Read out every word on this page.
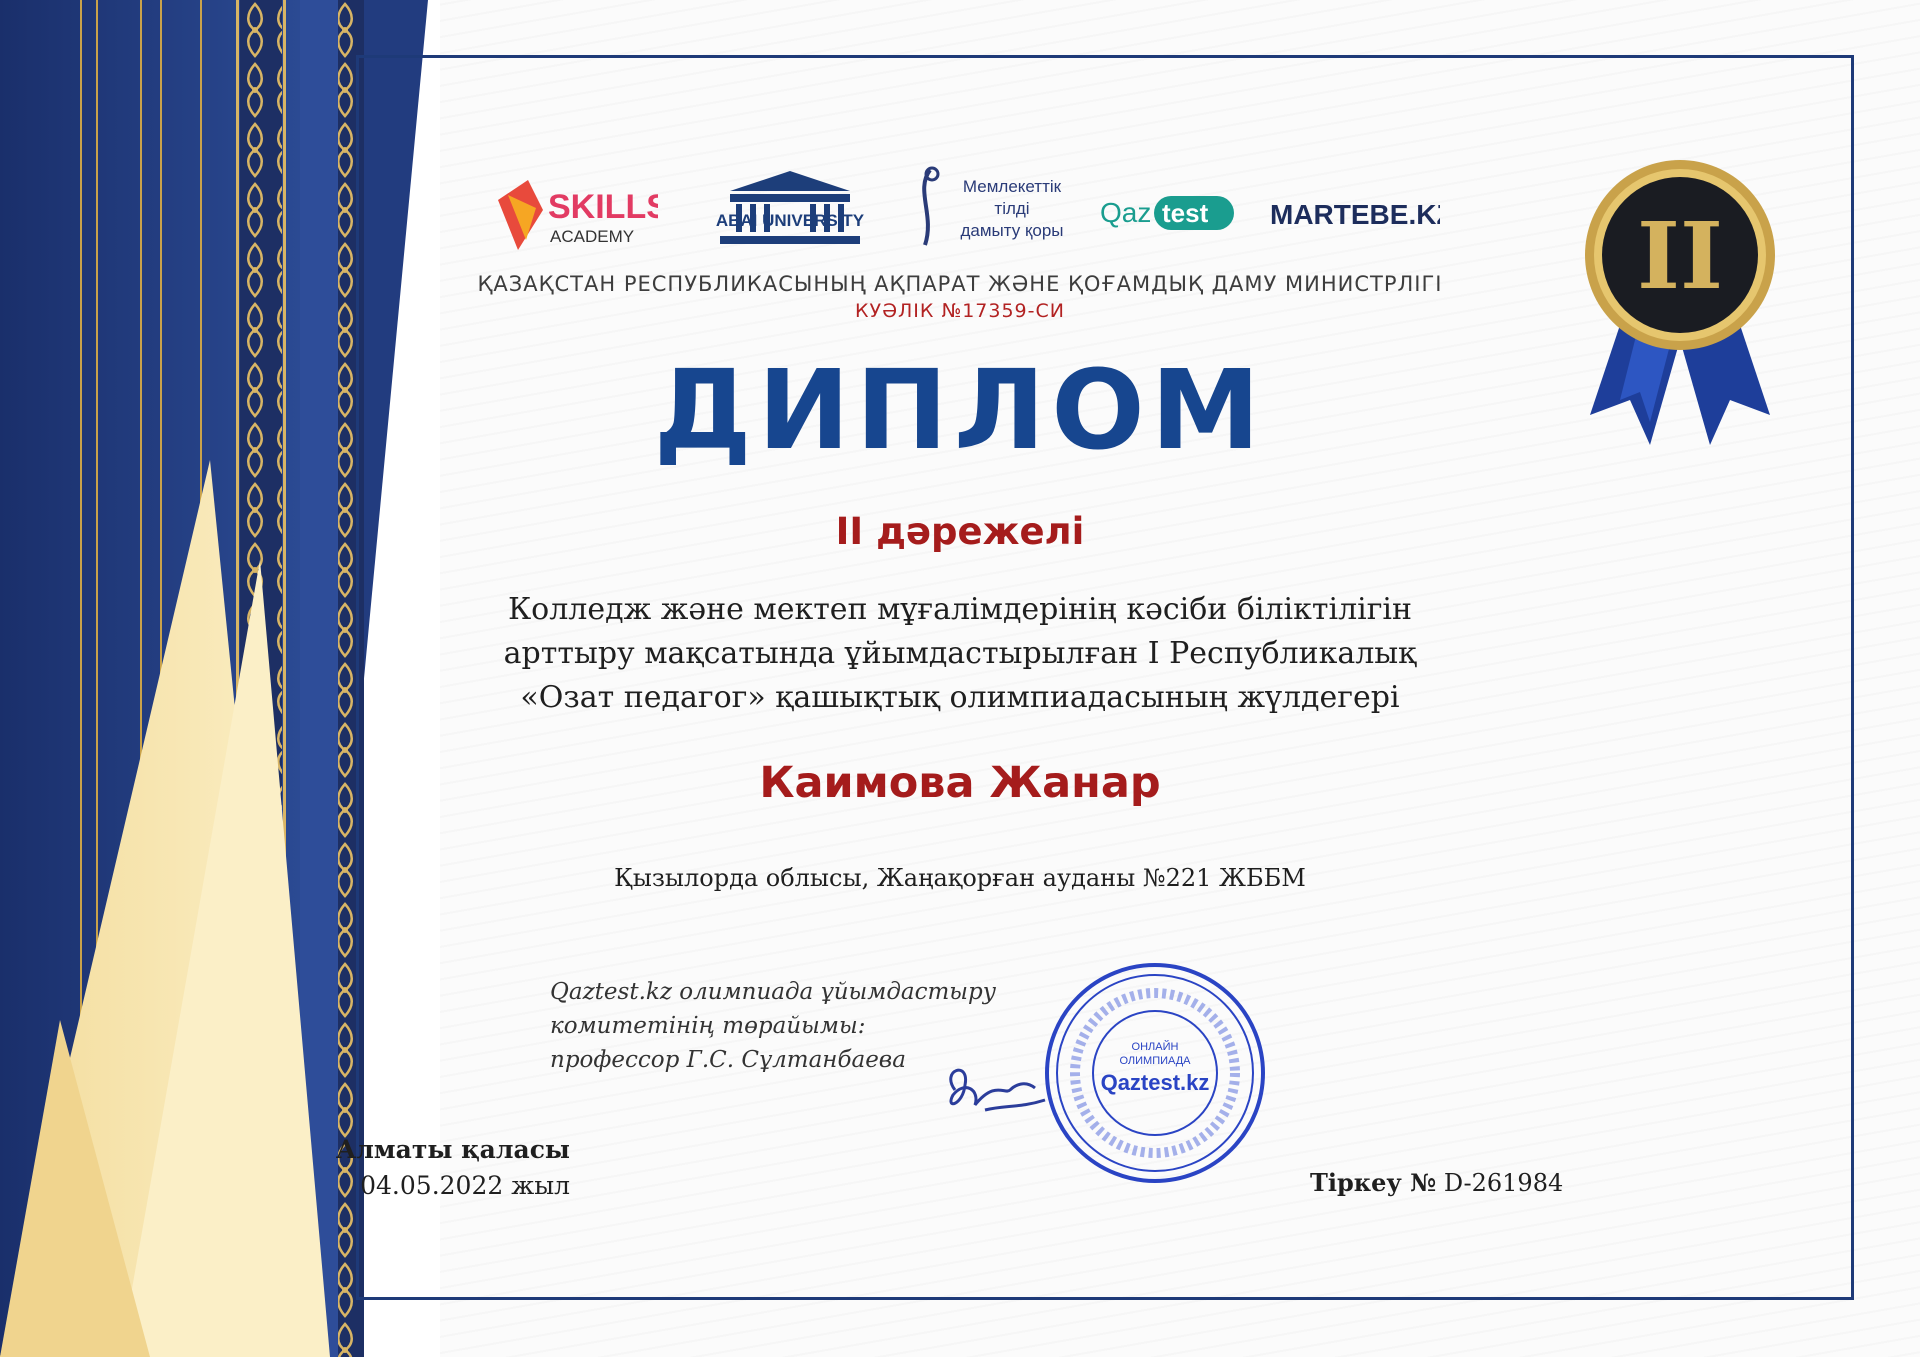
SKILLS
ACADEMY
ABAI UNIVERSITY
Мемлекеттік
тілді
дамыту қоры
Qaz test MARTEBE.KZ
ҚАЗАҚСТАН РЕСПУБЛИКАСЫНЫҢ АҚПАРАТ ЖӘНЕ ҚОҒАМДЫҚ ДАМУ МИНИСТРЛІГІ
КУӘЛІК №17359-СИ
ДИПЛОМ
II дәрежелі
Колледж және мектеп мұғалімдерінің кәсіби біліктілігін
арттыру мақсатында ұйымдастырылған І Республикалық
«Озат педагог» қашықтық олимпиадасының жүлдегері
Каимова Жанар
Қызылорда облысы, Жаңақорған ауданы №221 ЖББМ
Qaztest.kz олимпиада ұйымдастыру
комитетінің төрайымы:
профессор Г.С. Сұлтанбаева	ОНЛАЙН
ОЛИМПИАДА
Qaztest.kz
Алматы қаласы
04.05.2022 жыл	Тіркеу № D-261984
II
